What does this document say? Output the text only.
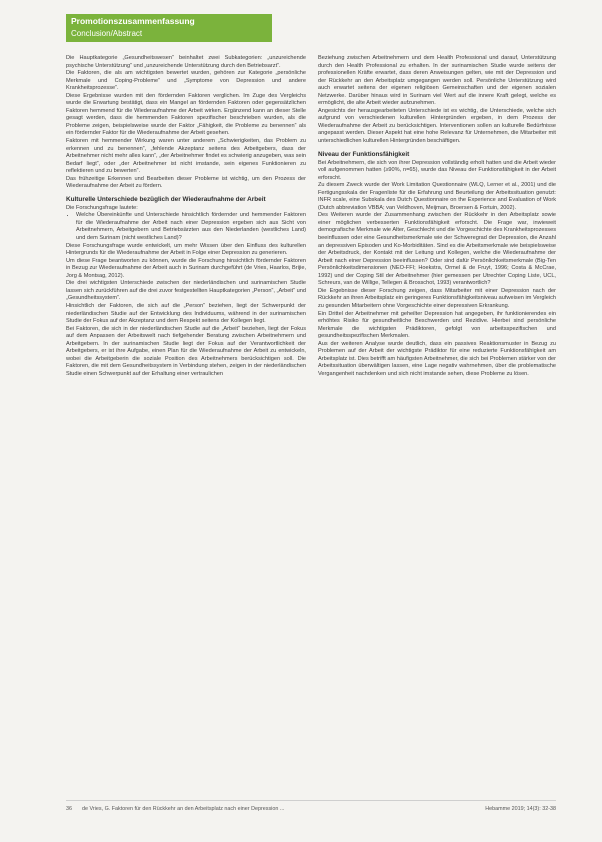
Promotionszusammenfassung
Conclusion/Abstract

Die Hauptkategorie „Gesundheitswesen“ beinhaltet zwei Subkategorien: „unzureichende psychische Unterstützung“ und „unzureichende Unterstützung durch den Betriebsarzt“.

Die Faktoren, die als am wichtigsten bewertet wurden, gehören zur Kategorie „persönliche Merkmale und Coping-Probleme“ und „Symptome von Depression und andere Krankheitsprozesse“.

Diese Ergebnisse wurden mit den fördernden Faktoren verglichen. Im Zuge des Vergleichs wurde die Erwartung bestätigt, dass ein Mangel an fördernden Faktoren oder gegensätzlichen Faktoren hemmend für die Wiederaufnahme der Arbeit wirken. Ergänzend kann an dieser Stelle gesagt werden, dass die hemmenden Faktoren spezifischer beschrieben wurden, als die Probleme zeigen, beispielsweise wurde der Faktor „Fähigkeit, die Probleme zu benennen“ als ein fördernder Faktor für die Wiederaufnahme der Arbeit gesehen.

Faktoren mit hemmender Wirkung waren unter anderem „Schwierigkeiten, das Problem zu erkennen und zu benennen“, „fehlende Akzeptanz seitens des Arbeitgebers, dass der Arbeitnehmer nicht mehr alles kann“, „der Arbeitnehmer findet es schwierig anzugeben, was sein Bedarf liegt“, oder „der Arbeitnehmer ist nicht imstande, sein eigenes Funktionieren zu reflektieren und zu bewerten“.

Das frühzeitige Erkennen und Bearbeiten dieser Probleme ist wichtig, um den Prozess der Wiederaufnahme der Arbeit zu fördern.

Kulturelle Unterschiede bezüglich der Wiederaufnahme der Arbeit

Die Forschungsfrage lautete:

• Welche Übereinkünfte und Unterschiede hinsichtlich fördernder und hemmender Faktoren für die Wiederaufnahme der Arbeit nach einer Depression ergeben sich aus Sicht von Arbeitnehmern, Arbeitgebern und Betriebsärzten aus den Niederlanden (westliches Land) und dem Surinam (nicht westliches Land)?

Diese Forschungsfrage wurde entwickelt, um mehr Wissen über den Einfluss des kulturellen Hintergrunds für die Wiederaufnahme der Arbeit in Folge einer Depression zu generieren.

Um diese Frage beantworten zu können, wurde die Forschung hinsichtlich fördernder Faktoren in Bezug zur Wiederaufnahme der Arbeit auch in Surinam durchgeführt (de Vries, Haarlos, Brijie, Jorg & Montsag, 2012).

Die drei wichtigsten Unterschiede zwischen der niederländischen und surinamischen Studie lassen sich zurückführen auf die drei zuvor festgestellten Hauptkategorien „Person“, „Arbeit“ und „Gesundheitssystem“.

Hinsichtlich der Faktoren, die sich auf die „Person“ beziehen, liegt der Schwerpunkt der niederländischen Studie auf der Entwicklung des Individuums, während in der surinamischen Studie der Fokus auf der Akzeptanz und dem Respekt seitens der Kollegen liegt.

Bei Faktoren, die sich in der niederländischen Studie auf die „Arbeit“ beziehen, liegt der Fokus auf dem Anpassen der Arbeitswelt nach tiefgehender Beratung zwischen Arbeitnehmern und Arbeitgebern. In der surinamischen Studie liegt der Fokus auf der Verantwortlichkeit der Arbeitgebers, er ist ihre Aufgabe, einen Plan für die Wiederaufnahme der Arbeit zu entwickeln, wobei die Arbeitgeberin die soziale Position des Arbeitnehmers berücksichtigen soll. Die Faktoren, die mit dem Gesundheitssystem in Verbindung stehen, zeigen in der niederländischen Studie einen Schwerpunkt auf der Erhaltung einer vertraulichen

Beziehung zwischen Arbeitnehmern und dem Health Professional und darauf, Unterstützung durch den Health Professional zu erhalten. In der surinamischen Studie wurde seitens der professionellen Kräfte erwartet, dass deren Anweisungen gelten, wie mit der Depression und der Rückkehr an den Arbeitsplatz umgegangen werden soll. Persönliche Unterstützung wird auch erwartet seitens der eigenen religiösen Gemeinschaften und der eigenen sozialen Netzwerke. Darüber hinaus wird in Surinam viel Wert auf die innere Kraft gelegt, welche es ermöglicht, die alte Arbeit wieder aufzunehmen.

Angesichts der herausgearbeiteten Unterschiede ist es wichtig, die Unterschiede, welche sich aufgrund von verschiedenen kulturellen Hintergründen ergeben, in dem Prozess der Wiederaufnahme der Arbeit zu berücksichtigen. Interventionen sollen an kulturelle Bedürfnisse angepasst werden. Dieser Aspekt hat eine hohe Relevanz für Unternehmen, die Mitarbeiter mit unterschiedlichen kulturellen Hintergründen beschäftigen.

Niveau der Funktionsfähigkeit

Bei Arbeitnehmern, die sich von ihrer Depression vollständig erholt hatten und die Arbeit wieder voll aufgenommen hatten (≥90%, n=65), wurde das Niveau der Funktionsfähigkeit in der Arbeit erforscht.

Zu diesem Zweck wurde der Work Limitation Questionnaire (WLQ, Lerner et al., 2001) und die Fertigungsskala der Fragenliste für die Erfahrung und Beurteilung der Arbeitssituation genutzt: INFR scale, eine Subskala des Dutch Questionnaire on the Experience and Evaluation of Work (Dutch abbreviation VBBA; van Veldhoven, Meijman, Broersen & Fortuin, 2002).

Des Weiteren wurde der Zusammenhang zwischen der Rückkehr in den Arbeitsplatz sowie einer möglichen verbesserten Funktionsfähigkeit erforscht. Die Frage war, inwieweit demografische Merkmale wie Alter, Geschlecht und die Vorgeschichte des Krankheitsprozesses beeinflussen oder eine Gesundheitsmerkmale wie der Schweregrad der Depression, die Anzahl an depressiven Episoden und Ko-Morbiditäten. Sind es die Arbeitsmerkmale wie beispielsweise der Arbeitsdruck, der Kontakt mit der Leitung und Kollegen, welche die Wiederaufnahme der Arbeit nach einer Depression beeinflussen? Oder sind dafür Persönlichkeitsmerkmale (Big-Ten Persönlichkeitsdimensionen (NEO-FFI; Hoekstra, Ormel & de Fruyt, 1996; Costa & McCrae, 1992) und der Coping Stil der Arbeitnehmer (hier gemessen per Utrechter Coping Liste, UCL, Schreurs, van de Willige, Tellegen & Brosschot, 1993) verantwortlich?

Die Ergebnisse dieser Forschung zeigen, dass Mitarbeiter mit einer Depression nach der Rückkehr an ihren Arbeitsplatz ein geringeres Funktionsfähigkeitsniveau aufweisen im Vergleich zu gesunden Mitarbeitern ohne Vorgeschichte einer depressiven Erkrankung.

Ein Drittel der Arbeitnehmer mit geheilter Depression hat angegeben, ihr funktionierendes ein erhöhtes Risiko für gesundheitliche Beschwerden und Rezidive. Hierbei sind persönliche Merkmale die wichtigsten Prädiktoren, gefolgt von arbeitsspezifischen und gesundheitsspezifischen Merkmalen.

Aus der weiteren Analyse wurde deutlich, dass ein passives Reaktionsmuster in Bezug zu Problemen auf der Arbeit der wichtigste Prädiktor für eine reduzierte Funktionsfähigkeit am Arbeitsplatz ist. Dies betrifft am häufigsten Arbeitnehmer, die sich bei Problemen stärker von der Arbeitssituation überwältigen lassen, eine Lage negativ wahrnehmen, über die problematische Vergangenheit nachdenken und sich nicht imstande sehen, diese Probleme zu lösen.

36 de Vries, G. Faktoren für den Rückkehr an den Arbeitsplatz nach einer Depression ...	Hebamme 2019; 14(3): 32-38
